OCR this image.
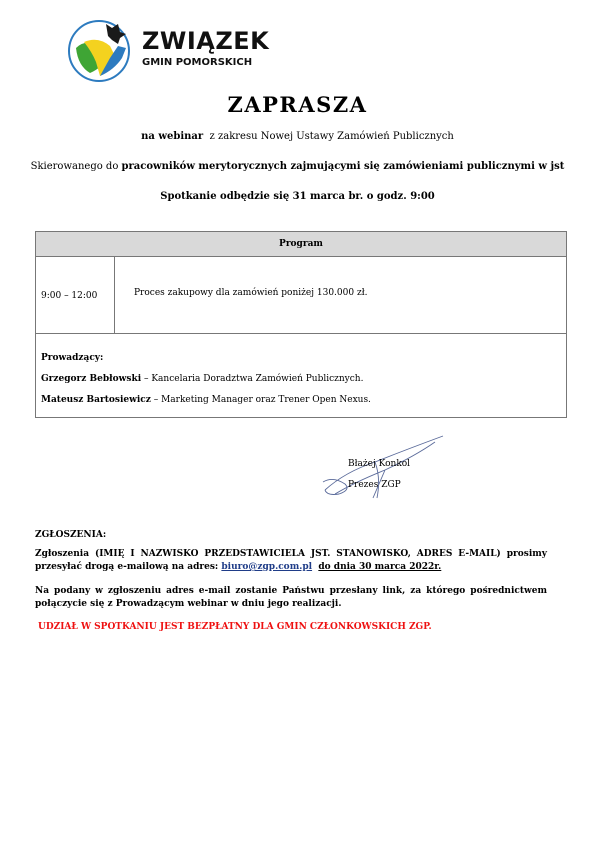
ZWIĄZEK
GMIN POMORSKICH
ZAPRASZA
na webinar z zakresu Nowej Ustawy Zamówień Publicznych
Skierowanego do pracowników merytorycznych zajmującymi się zamówieniami publicznymi w jst
Spotkanie odbędzie się 31 marca br. o godz. 9:00
Program
9:00 – 12:00	Proces zakupowy dla zamówień poniżej 130.000 zł.
Prowadzący:
Grzegorz Bebłowski – Kancelaria Doradztwa Zamówień Publicznych.
Mateusz Bartosiewicz – Marketing Manager oraz Trener Open Nexus.
Błażej Konkol
Prezes ZGP
ZGŁOSZENIA:
Zgłoszenia (IMIĘ I NAZWISKO PRZEDSTAWICIELA JST. STANOWISKO, ADRES E-MAIL) prosimy przesyłać drogą e-mailową na adres: biuro@zgp.com.pl do dnia 30 marca 2022r.
Na podany w zgłoszeniu adres e-mail zostanie Państwu przesłany link, za którego pośrednictwem połączycie się z Prowadzącym webinar w dniu jego realizacji.
UDZIAŁ W SPOTKANIU JEST BEZPŁATNY DLA GMIN CZŁONKOWSKICH ZGP.
